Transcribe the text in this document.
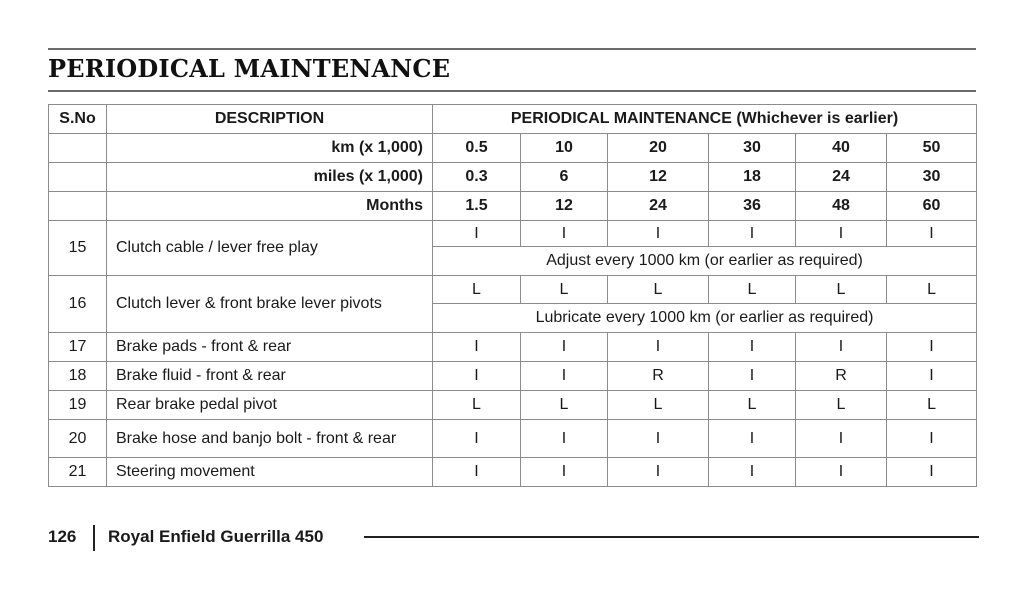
PERIODICAL MAINTENANCE
S.No	DESCRIPTION	PERIODICAL MAINTENANCE (Whichever is earlier)					
	km (x 1,000)	0.5	10	20	30	40	50
	miles (x 1,000)	0.3	6	12	18	24	30
	Months	1.5	12	24	36	48	60
15	Clutch cable / lever free play	I	I	I	I	I	I
		Adjust every 1000 km (or earlier as required)					
16	Clutch lever & front brake lever pivots	L	L	L	L	L	L
		Lubricate every 1000 km (or earlier as required)					
17	Brake pads - front & rear	I	I	I	I	I	I
18	Brake fluid - front & rear	I	I	R	I	R	I
19	Rear brake pedal pivot	L	L	L	L	L	L
20	Brake hose and banjo bolt - front & rear	I	I	I	I	I	I
21	Steering movement	I	I	I	I	I	I
126 Royal Enfield Guerrilla 450
